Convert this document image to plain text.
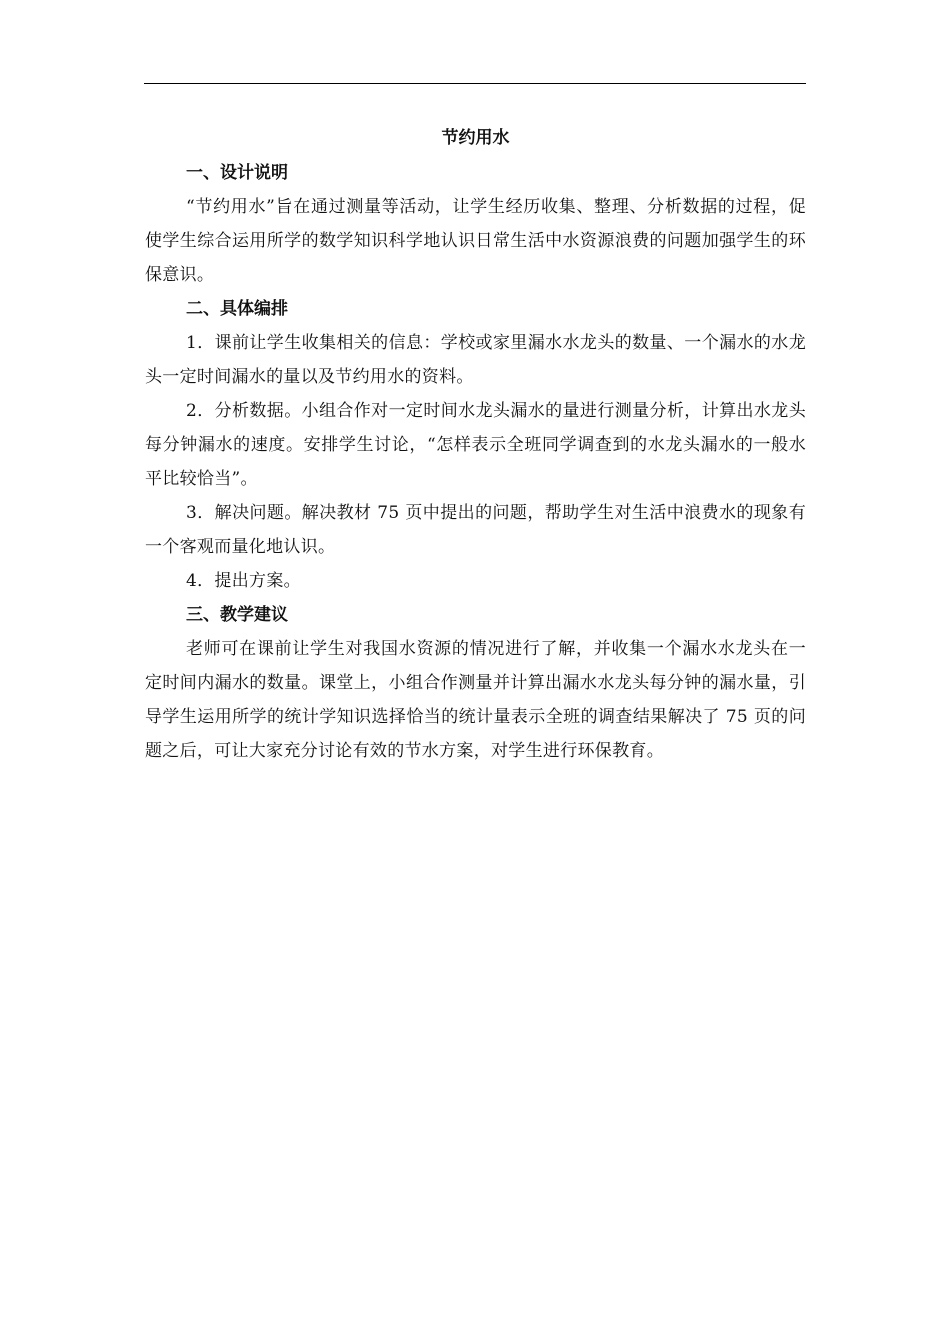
节约用水
一、设计说明

“节约用水”旨在通过测量等活动，让学生经历收集、整理、分析数据的过程，促使学生综合运用所学的数学知识科学地认识日常生活中水资源浪费的问题加强学生的环保意识。

二、具体编排

1．课前让学生收集相关的信息：学校或家里漏水水龙头的数量、一个漏水的水龙头一定时间漏水的量以及节约用水的资料。

2．分析数据。小组合作对一定时间水龙头漏水的量进行测量分析，计算出水龙头每分钟漏水的速度。安排学生讨论，“怎样表示全班同学调查到的水龙头漏水的一般水平比较恰当”。

3．解决问题。解决教材 75 页中提出的问题，帮助学生对生活中浪费水的现象有一个客观而量化地认识。

4．提出方案。

三、教学建议

老师可在课前让学生对我国水资源的情况进行了解，并收集一个漏水水龙头在一定时间内漏水的数量。课堂上，小组合作测量并计算出漏水水龙头每分钟的漏水量，引导学生运用所学的统计学知识选择恰当的统计量表示全班的调查结果解决了 75 页的问题之后，可让大家充分讨论有效的节水方案，对学生进行环保教育。
